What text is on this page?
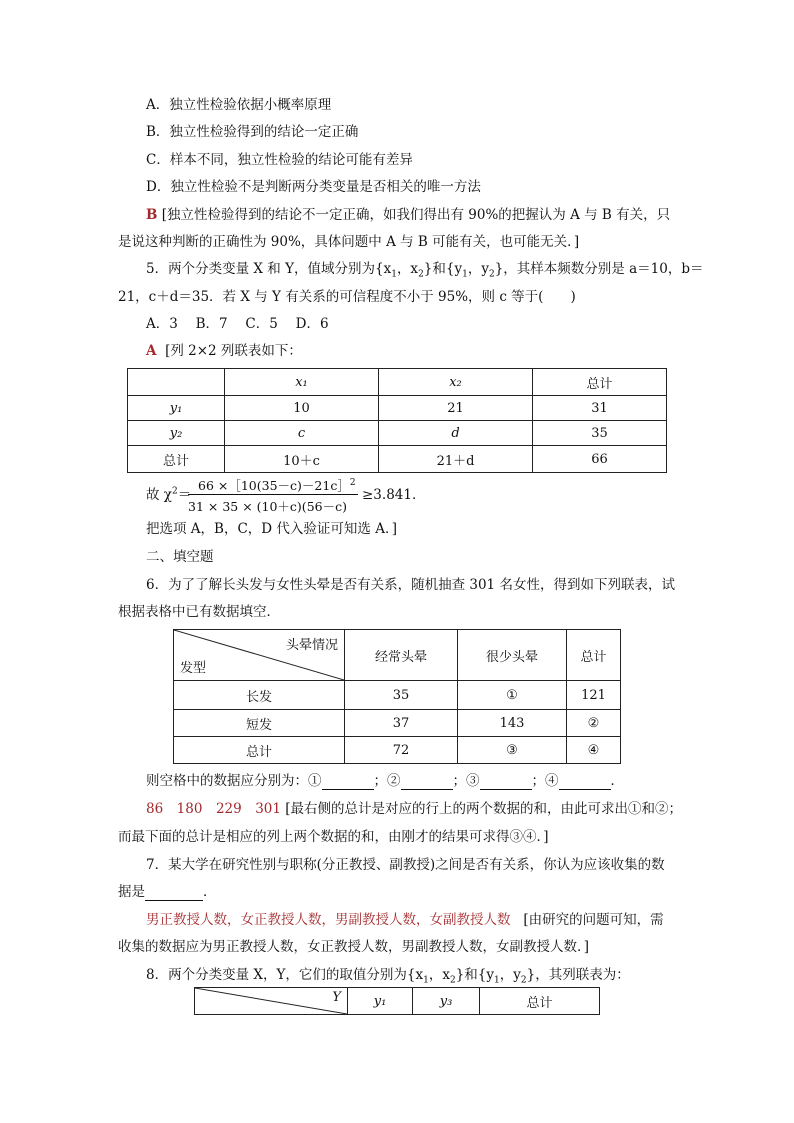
A．独立性检验依据小概率原理
B．独立性检验得到的结论一定正确
C．样本不同，独立性检验的结论可能有差异
D．独立性检验不是判断两分类变量是否相关的唯一方法
B [独立性检验得到的结论不一定正确，如我们得出有 90%的把握认为 A 与 B 有关，只
是说这种判断的正确性为 90%，具体问题中 A 与 B 可能有关，也可能无关．]
5．两个分类变量 X 和 Y，值域分别为{$x_1$，$x_2$}和{$y_1$，$y_2$}，其样本频数分别是 a＝10，b＝
21，c＋d＝35．若 X 与 Y 有关系的可信程度不小于 95%，则 c 等于(　　)
A．3　 B．7　 C．5　 D．6
A [列 2×2 列联表如下：
	x₁	x₂	总计
y₁	10	21	31
y₂	c	d	35
总计	10＋c	21＋d	66
故 $\chi^2=$
66 ×［10(35－c)－21c］$^2$
31 × 35 × (10＋c)(56－c)
≥3.841．
把选项 A，B，C，D 代入验证可知选 A．]
二、填空题
6．为了了解长头发与女性头晕是否有关系，随机抽查 301 名女性，得到如下列联表，试
根据表格中已有数据填空．
头晕情况
发型	经常头晕	很少头晕	总计
长发	35	①	121
短发	37	143	②
总计	72	③	④
则空格中的数据应分别为：①	；②	；③	；④	．
86　180　229　301 [最右侧的总计是对应的行上的两个数据的和，由此可求出①和②；
而最下面的总计是相应的列上两个数据的和，由刚才的结果可求得③④．]
7．某大学在研究性别与职称(分正教授、副教授)之间是否有关系，你认为应该收集的数
据是	．
男正教授人数，女正教授人数，男副教授人数，女副教授人数 [由研究的问题可知，需
收集的数据应为男正教授人数，女正教授人数，男副教授人数，女副教授人数．]
8．两个分类变量 X，Y，它们的取值分别为{$x_1$，$x_2$}和{$y_1$，$y_2$}，其列联表为：
Y	y₁	y₃	总计
